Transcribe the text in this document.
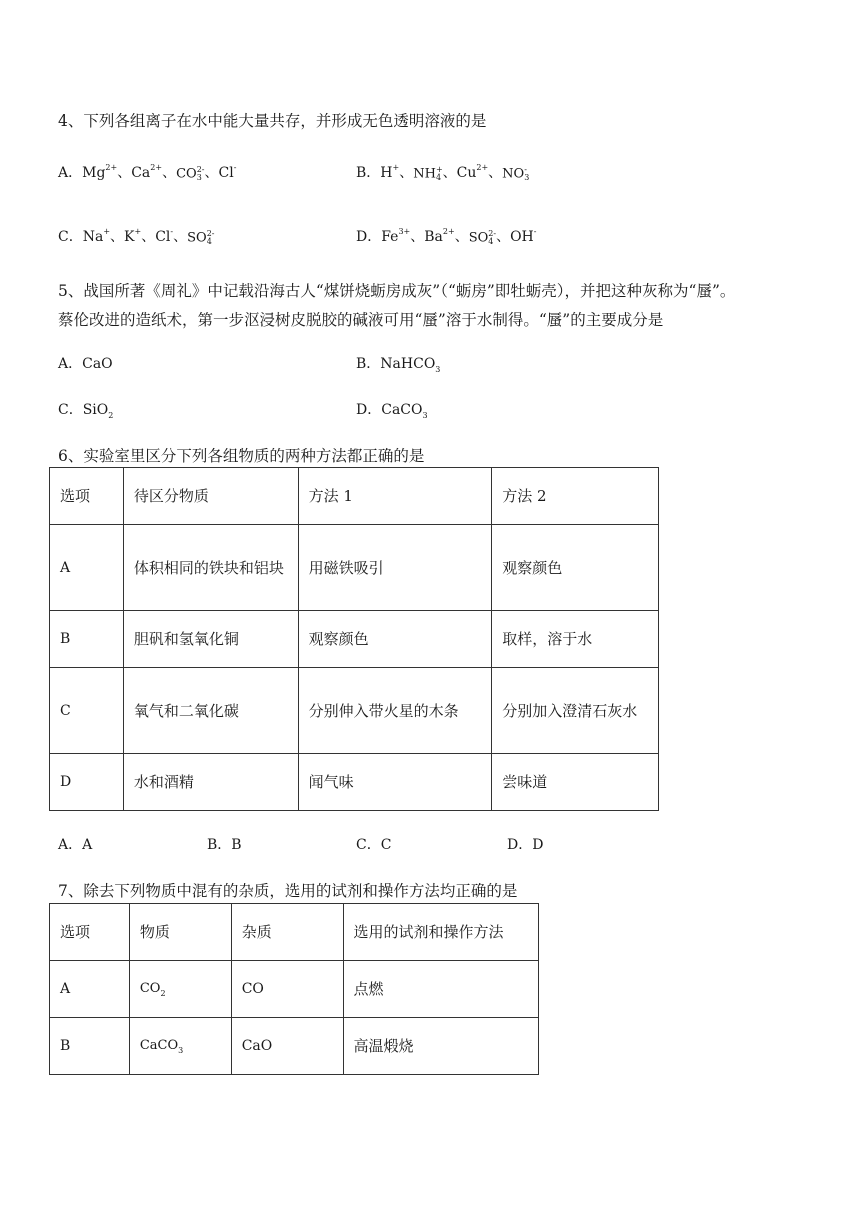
4、下列各组离子在水中能大量共存，并形成无色透明溶液的是
A．$Mg^{2+}$、$Ca^{2+}$、CO 2-
3 、Cl-	B．H+、NH +
4 、$Cu^{2+}$、NO -
3
C．Na+、K+、Cl-、SO 2-
4	D．$Fe^{3+}$、$Ba^{2+}$、SO 2-
4 、OH-
5、战国所著《周礼》中记载沿海古人“煤饼烧蛎房成灰”（“蛎房”即牡蛎壳），并把这种灰称为“蜃”。
蔡伦改进的造纸术，第一步沤浸树皮脱胶的碱液可用“蜃”溶于水制得。“蜃”的主要成分是
A．CaO	B．NaHCO$_3$
C．SiO$_2$	D．CaCO$_3$
6、实验室里区分下列各组物质的两种方法都正确的是
选项	待区分物质	方法 1	方法 2
A	体积相同的铁块和铝块	用磁铁吸引	观察颜色
B	胆矾和氢氧化铜	观察颜色	取样，溶于水
C	氧气和二氧化碳	分别伸入带火星的木条	分别加入澄清石灰水
D	水和酒精	闻气味	尝味道
A．A	B．B	C．C	D．D
7、除去下列物质中混有的杂质，选用的试剂和操作方法均正确的是
选项	物质	杂质	选用的试剂和操作方法
A	$CO_2$	CO	点燃
B	CaCO$_3$	CaO	高温煅烧
